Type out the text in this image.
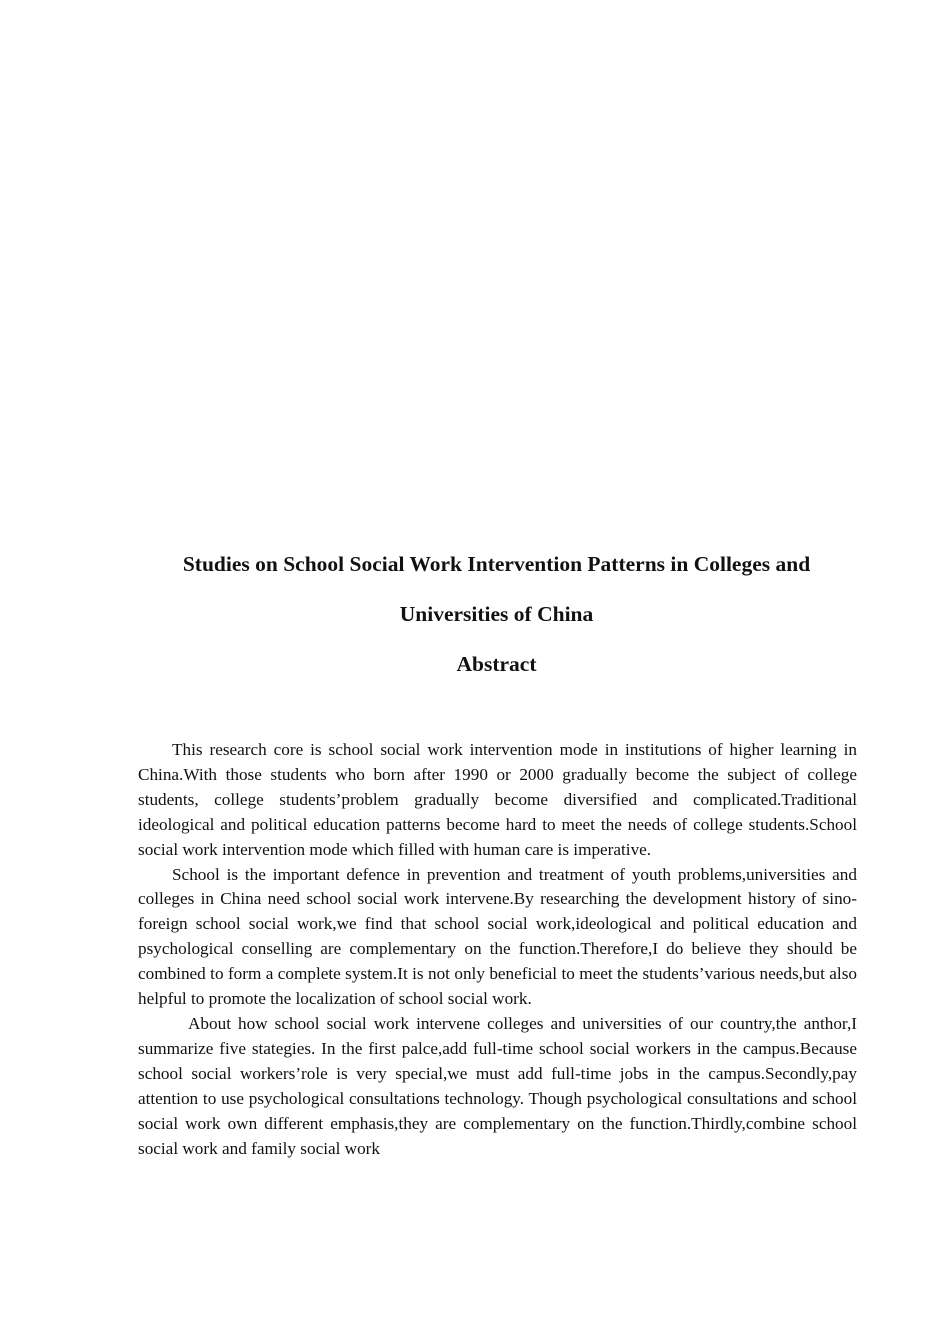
Studies on School Social Work Intervention Patterns in Colleges and
Universities of China
Abstract

This research core is school social work intervention mode in institutions of higher learning in China.With those students who born after 1990 or 2000 gradually become the subject of college students, college students’problem gradually become diversified and complicated.Traditional ideological and political education patterns become hard to meet the needs of college students.School social work intervention mode which filled with human care is imperative.

School is the important defence in prevention and treatment of youth problems,universities and colleges in China need school social work intervene.By researching the development history of sino-foreign school social work,we find that school social work,ideological and political education and psychological conselling are complementary on the function.Therefore,I do believe they should be combined to form a complete system.It is not only beneficial to meet the students’various needs,but also helpful to promote the localization of school social work.

About how school social work intervene colleges and universities of our country,the anthor,I summarize five stategies. In the first palce,add full-time school social workers in the campus.Because school social workers’role is very special,we must add full-time jobs in the campus.Secondly,pay attention to use psychological consultations technology. Though psychological consultations and school social work own different emphasis,they are complementary on the function.Thirdly,combine school social work and family social work
